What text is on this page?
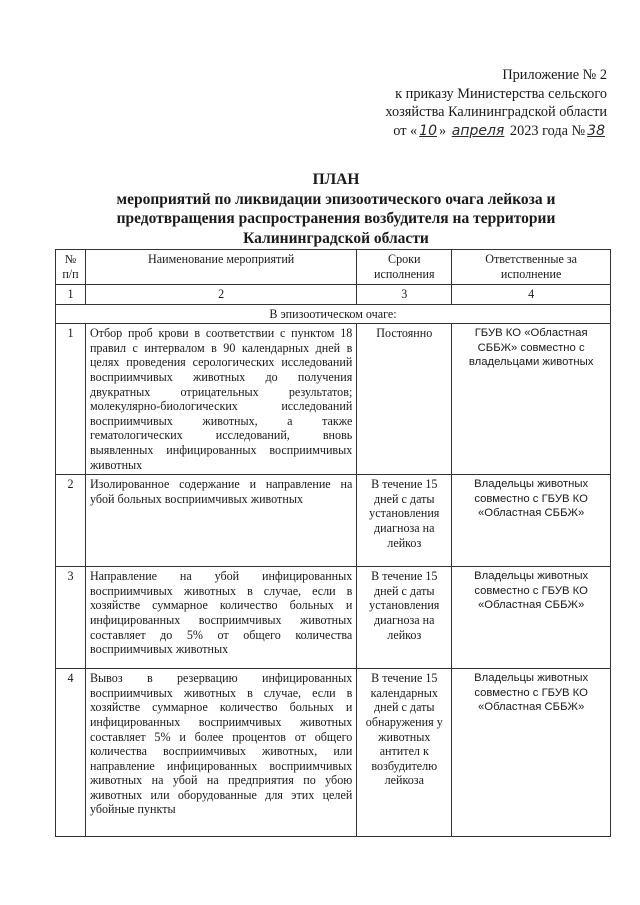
Приложение № 2
к приказу Министерства сельского
хозяйства Калининградской области
от « 10 » апреля 2023 года № 38
ПЛАН
мероприятий по ликвидации эпизоотического очага лейкоза и
предотвращения распространения возбудителя на территории
Калининградской области
№ п/п	Наименование мероприятий	Сроки исполнения	Ответственные за исполнение
1	2	3	4
В эпизоотическом очаге:			
1	Отбор проб крови в соответствии с пунктом 18 правил с интервалом в 90 календарных дней в целях проведения серологических исследований восприимчивых животных до получения двукратных отрицательных результатов; молекулярно-биологических исследований восприимчивых животных, а также гематологических исследований, вновь выявленных инфицированных восприимчивых животных	Постоянно	ГБУВ КО «Областная СББЖ» совместно с владельцами животных
2	Изолированное содержание и направление на убой больных восприимчивых животных	В течение 15 дней с даты установления диагноза на лейкоз	Владельцы животных совместно с ГБУВ КО «Областная СББЖ»
3	Направление на убой инфицированных восприимчивых животных в случае, если в хозяйстве суммарное количество больных и инфицированных восприимчивых животных составляет до 5% от общего количества восприимчивых животных	В течение 15 дней с даты установления диагноза на лейкоз	Владельцы животных совместно с ГБУВ КО «Областная СББЖ»
4	Вывоз в резервацию инфицированных восприимчивых животных в случае, если в хозяйстве суммарное количество больных и инфицированных восприимчивых животных составляет 5% и более процентов от общего количества восприимчивых животных, или направление инфицированных восприимчивых животных на убой на предприятия по убою животных или оборудованные для этих целей убойные пункты	В течение 15 календарных дней с даты обнаружения у животных антител к возбудителю лейкоза	Владельцы животных совместно с ГБУВ КО «Областная СББЖ»
